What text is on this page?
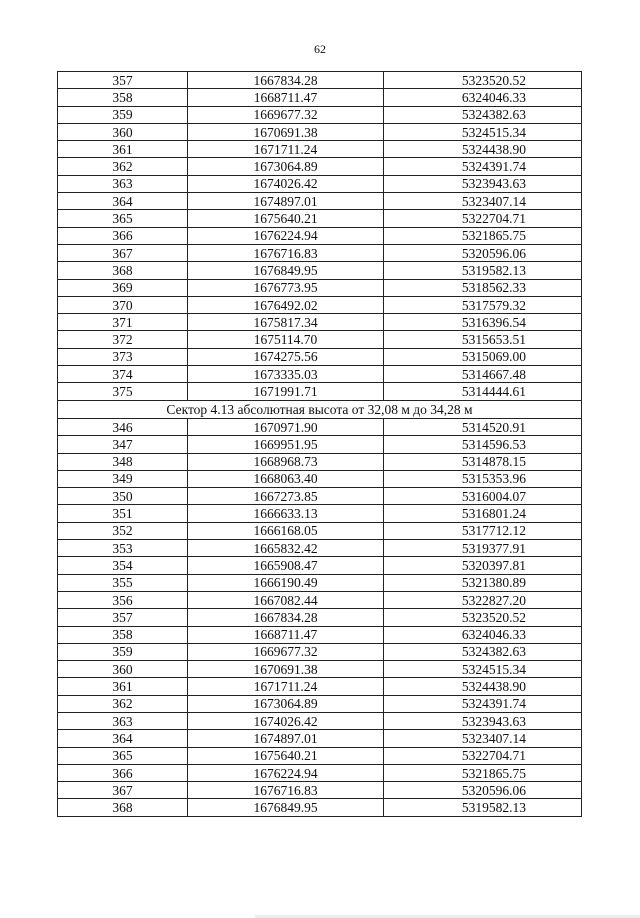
62
357	1667834.28	5323520.52
358	1668711.47	6324046.33
359	1669677.32	5324382.63
360	1670691.38	5324515.34
361	1671711.24	5324438.90
362	1673064.89	5324391.74
363	1674026.42	5323943.63
364	1674897.01	5323407.14
365	1675640.21	5322704.71
366	1676224.94	5321865.75
367	1676716.83	5320596.06
368	1676849.95	5319582.13
369	1676773.95	5318562.33
370	1676492.02	5317579.32
371	1675817.34	5316396.54
372	1675114.70	5315653.51
373	1674275.56	5315069.00
374	1673335.03	5314667.48
375	1671991.71	5314444.61
Сектор 4.13 абсолютная высота от 32,08 м до 34,28 м		
346	1670971.90	5314520.91
347	1669951.95	5314596.53
348	1668968.73	5314878.15
349	1668063.40	5315353.96
350	1667273.85	5316004.07
351	1666633.13	5316801.24
352	1666168.05	5317712.12
353	1665832.42	5319377.91
354	1665908.47	5320397.81
355	1666190.49	5321380.89
356	1667082.44	5322827.20
357	1667834.28	5323520.52
358	1668711.47	6324046.33
359	1669677.32	5324382.63
360	1670691.38	5324515.34
361	1671711.24	5324438.90
362	1673064.89	5324391.74
363	1674026.42	5323943.63
364	1674897.01	5323407.14
365	1675640.21	5322704.71
366	1676224.94	5321865.75
367	1676716.83	5320596.06
368	1676849.95	5319582.13
